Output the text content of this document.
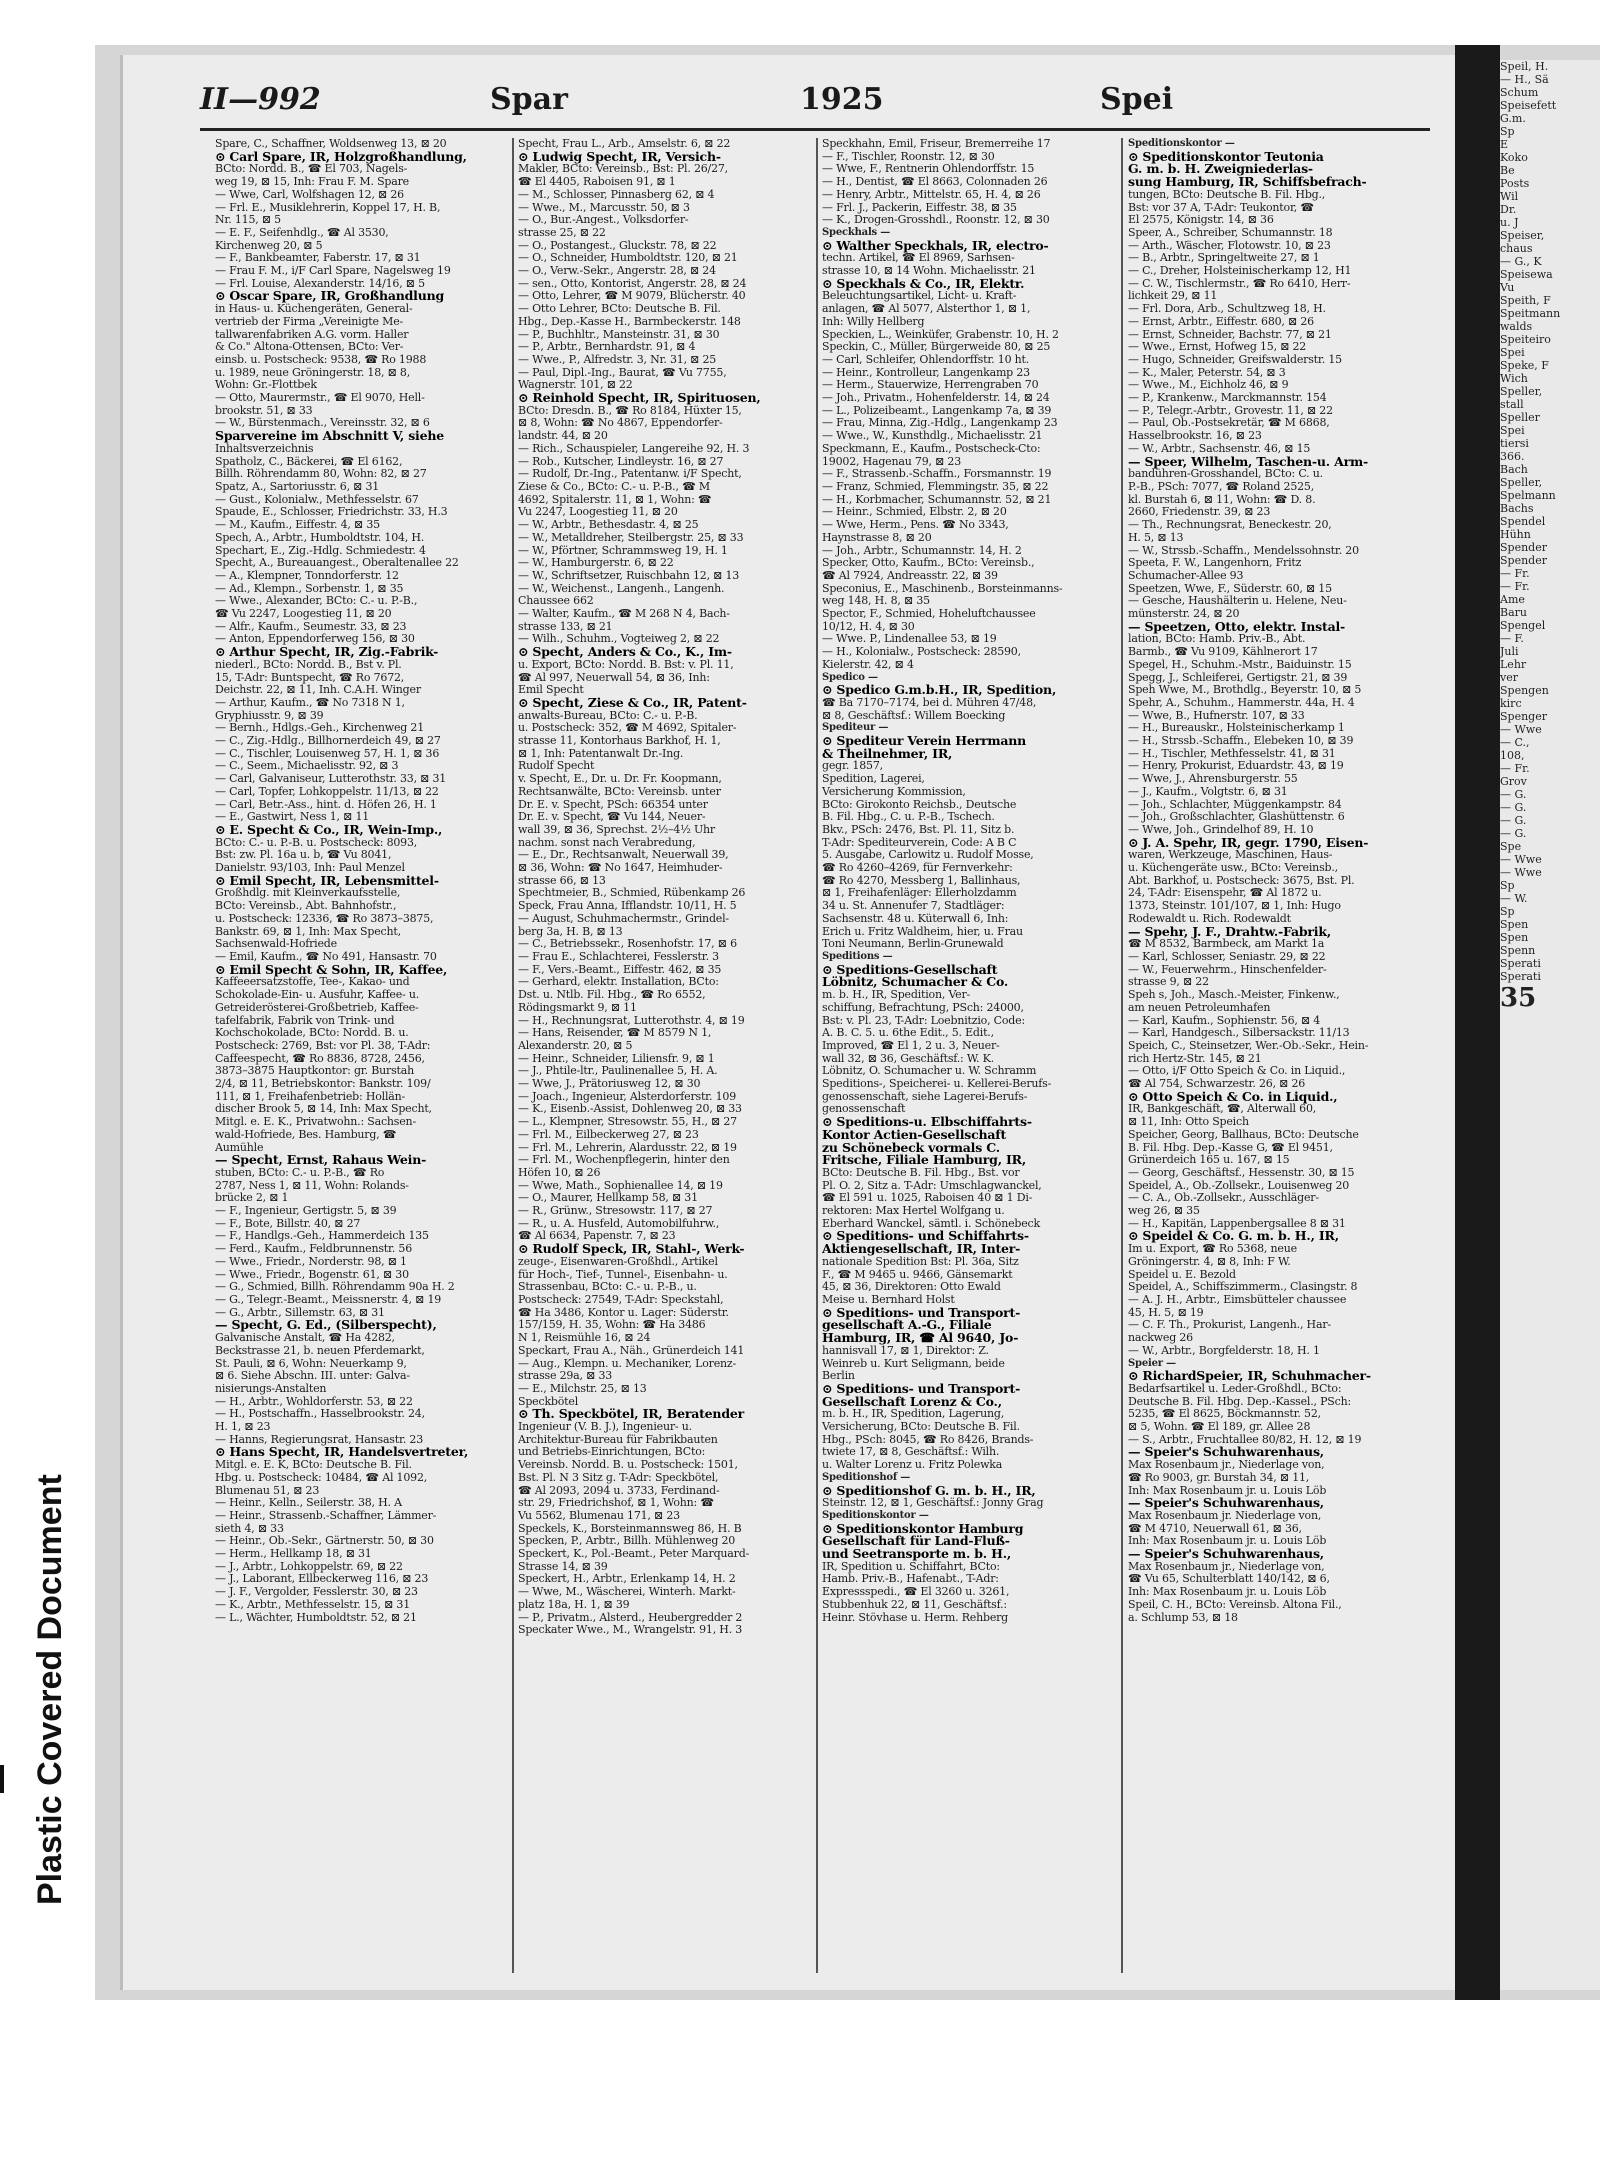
Plastic Covered Document
Speil, H.
— H., Sä
Schum
Speisefett
G.m.
Sp
E
Koko
Be
Posts
Wil
Dr.
u. J
Speiser,
chaus
— G., K
Speisewa
Vu
Speith, F
Speitmann
walds
Speiteiro
Spei
Speke, F
Wich
Speller,
stall
Speller
Spei
tiersi
366.
Bach
Speller,
Spelmann
Bachs
Spendel
Hühn
Spender
Spender
— Fr.
— Fr.
Ame
Baru
Spengel
— F.
Juli
Lehr
ver
Spengen
kirc
Spenger
— Wwe
— C.,
108,
— Fr.
Grov
— G.
— G.
— G.
— G.
Spe
— Wwe
— Wwe
Sp
— W.
Sp
Spen
Spen
Spenn
Sperati
Sperati
35
II—992	Spar	1925	Spei

Spare, C., Schaffner, Woldsenweg 13, ⊠ 20

⊙ Carl Spare, IR, Holzgroßhandlung,

BCto: Nordd. B., ☎ El 703, Nagels-

weg 19, ⊠ 15, Inh: Frau F. M. Spare

— Wwe, Carl, Wolfshagen 12, ⊠ 26

— Frl. E., Musiklehrerin, Koppel 17, H. B,

Nr. 115, ⊠ 5

— E. F., Seifenhdlg., ☎ Al 3530,

Kirchenweg 20, ⊠ 5

— F., Bankbeamter, Faberstr. 17, ⊠ 31

— Frau F. M., i/F Carl Spare, Nagelsweg 19

— Frl. Louise, Alexanderstr. 14/16, ⊠ 5

⊙ Oscar Spare, IR, Großhandlung

in Haus- u. Küchengeräten, General-

vertrieb der Firma „Vereinigte Me-

tallwarenfabriken A.G. vorm. Haller

& Co." Altona-Ottensen, BCto: Ver-

einsb. u. Postscheck: 9538, ☎ Ro 1988

u. 1989, neue Gröningerstr. 18, ⊠ 8,

Wohn: Gr.-Flottbek

— Otto, Maurermstr., ☎ El 9070, Hell-

brookstr. 51, ⊠ 33

— W., Bürstenmach., Vereinsstr. 32, ⊠ 6

Sparvereine im Abschnitt V, siehe

Inhaltsverzeichnis

Spatholz, C., Bäckerei, ☎ El 6162,

Billh. Röhrendamm 80, Wohn: 82, ⊠ 27

Spatz, A., Sartoriusstr. 6, ⊠ 31

— Gust., Kolonialw., Methfesselstr. 67

Spaude, E., Schlosser, Friedrichstr. 33, H.3

— M., Kaufm., Eiffestr. 4, ⊠ 35

Spech, A., Arbtr., Humboldtstr. 104, H.

Spechart, E., Zig.-Hdlg. Schmiedestr. 4

Specht, A., Bureauangest., Oberaltenallee 22

— A., Klempner, Tonndorferstr. 12

— Ad., Klempn., Sorbenstr. 1, ⊠ 35

— Wwe., Alexander, BCto: C.- u. P.-B.,

☎ Vu 2247, Loogestieg 11, ⊠ 20

— Alfr., Kaufm., Seumestr. 33, ⊠ 23

— Anton, Eppendorferweg 156, ⊠ 30

⊙ Arthur Specht, IR, Zig.-Fabrik-

niederl., BCto: Nordd. B., Bst v. Pl.

15, T-Adr: Buntspecht, ☎ Ro 7672,

Deichstr. 22, ⊠ 11, Inh. C.A.H. Winger

— Arthur, Kaufm., ☎ No 7318 N 1,

Gryphiusstr. 9, ⊠ 39

— Bernh., Hdlgs.-Geh., Kirchenweg 21

— C., Zig.-Hdlg., Billhornerdeich 49, ⊠ 27

— C., Tischler, Louisenweg 57, H. 1, ⊠ 36

— C., Seem., Michaelisstr. 92, ⊠ 3

— Carl, Galvaniseur, Lutterothstr. 33, ⊠ 31

— Carl, Topfer, Lohkoppelstr. 11/13, ⊠ 22

— Carl, Betr.-Ass., hint. d. Höfen 26, H. 1

— E., Gastwirt, Ness 1, ⊠ 11

⊙ E. Specht & Co., IR, Wein-Imp.,

BCto: C.- u. P.-B. u. Postscheck: 8093,

Bst: zw. Pl. 16a u. b, ☎ Vu 8041,

Danielstr. 93/103, Inh: Paul Menzel

⊙ Emil Specht, IR, Lebensmittel-

Großhdlg. mit Kleinverkaufsstelle,

BCto: Vereinsb., Abt. Bahnhofstr.,

u. Postscheck: 12336, ☎ Ro 3873–3875,

Bankstr. 69, ⊠ 1, Inh: Max Specht,

Sachsenwald-Hofriede

— Emil, Kaufm., ☎ No 491, Hansastr. 70

⊙ Emil Specht & Sohn, IR, Kaffee,

Kaffeeersatzstoffe, Tee-, Kakao- und

Schokolade-Ein- u. Ausfuhr, Kaffee- u.

Getreideröstereі-Großbetrieb, Kaffee-

tafelfabrik, Fabrik von Trink- und

Kochschokolade, BCto: Nordd. B. u.

Postscheck: 2769, Bst: vor Pl. 38, T-Adr:

Caffeespecht, ☎ Ro 8836, 8728, 2456,

3873–3875 Hauptkontor: gr. Burstah

2/4, ⊠ 11, Betriebskontor: Bankstr. 109/

111, ⊠ 1, Freihafenbetrieb: Hollän-

discher Brook 5, ⊠ 14, Inh: Max Specht,

Mitgl. e. E. K., Privatwohn.: Sachsen-

wald-Hofriede, Bes. Hamburg, ☎

Aumühle

— Specht, Ernst, Rahaus Wein-

stuben, BCto: C.- u. P.-B., ☎ Ro

2787, Ness 1, ⊠ 11, Wohn: Rolands-

brücke 2, ⊠ 1

— F., Ingenieur, Gertigstr. 5, ⊠ 39

— F., Bote, Billstr. 40, ⊠ 27

— F., Handlgs.-Geh., Hammerdeich 135

— Ferd., Kaufm., Feldbrunnenstr. 56

— Wwe., Friedr., Norderstr. 98, ⊠ 1

— Wwe., Friedr., Bogenstr. 61, ⊠ 30

— G., Schmied, Billh. Röhrendamm 90a H. 2

— G., Telegr.-Beamt., Meissnerstr. 4, ⊠ 19

— G., Arbtr., Sillemstr. 63, ⊠ 31

— Specht, G. Ed., (Silberspecht),

Galvanische Anstalt, ☎ Ha 4282,

Beckstrasse 21, b. neuen Pferdemarkt,

St. Pauli, ⊠ 6, Wohn: Neuerkamp 9,

⊠ 6. Siehe Abschn. III. unter: Galva-

nisierungs-Anstalten

— H., Arbtr., Wohldorferstr. 53, ⊠ 22

— H., Postschaffn., Hasselbrookstr. 24,

H. 1, ⊠ 23

— Hanns, Regierungsrat, Hansastr. 23

⊙ Hans Specht, IR, Handelsvertreter,

Mitgl. e. E. K, BCto: Deutsche B. Fil.

Hbg. u. Postscheck: 10484, ☎ Al 1092,

Blumenau 51, ⊠ 23

— Heinr., Kelln., Seilerstr. 38, H. A

— Heinr., Strassenb.-Schaffner, Lämmer-

sieth 4, ⊠ 33

— Heinr., Ob.-Sekr., Gärtnerstr. 50, ⊠ 30

— Herm., Hellkamp 18, ⊠ 31

— J., Arbtr., Lohkoppelstr. 69, ⊠ 22

— J., Laborant, Ellbeckerweg 116, ⊠ 23

— J. F., Vergolder, Fesslerstr. 30, ⊠ 23

— K., Arbtr., Methfesselstr. 15, ⊠ 31

— L., Wächter, Humboldtstr. 52, ⊠ 21

Specht, Frau L., Arb., Amselstr. 6, ⊠ 22

⊙ Ludwig Specht, IR, Versich-

Makler, BCto: Vereinsb., Bst: Pl. 26/27,

☎ El 4405, Raboisen 91, ⊠ 1

— M., Schlosser, Pinnasberg 62, ⊠ 4

— Wwe., M., Marcusstr. 50, ⊠ 3

— O., Bur.-Angest., Volksdorfer-

strasse 25, ⊠ 22

— O., Postangest., Gluckstr. 78, ⊠ 22

— O., Schneider, Humboldtstr. 120, ⊠ 21

— O., Verw.-Sekr., Angerstr. 28, ⊠ 24

— sen., Otto, Kontorist, Angerstr. 28, ⊠ 24

— Otto, Lehrer, ☎ M 9079, Blücherstr. 40

— Otto Lehrer, BCto: Deutsche B. Fil.

Hbg., Dep.-Kasse H., Barmbeckerstr. 148

— P., Buchhltr., Mansteinstr. 31, ⊠ 30

— P., Arbtr., Bernhardstr. 91, ⊠ 4

— Wwe., P., Alfredstr. 3, Nr. 31, ⊠ 25

— Paul, Dipl.-Ing., Baurat, ☎ Vu 7755,

Wagnerstr. 101, ⊠ 22

⊙ Reinhold Specht, IR, Spirituosen,

BCto: Dresdn. B., ☎ Ro 8184, Hüxter 15,

⊠ 8, Wohn: ☎ No 4867, Eppendorfer-

landstr. 44, ⊠ 20

— Rich., Schauspieler, Langereihe 92, H. 3

— Rob., Kutscher, Lindleystr. 16, ⊠ 27

— Rudolf, Dr.-Ing., Patentanw. i/F Specht,

Ziese & Co., BCto: C.- u. P.-B., ☎ M

4692, Spitalerstr. 11, ⊠ 1, Wohn: ☎

Vu 2247, Loogestieg 11, ⊠ 20

— W., Arbtr., Bethesdastr. 4, ⊠ 25

— W., Metalldreher, Steilbergstr. 25, ⊠ 33

— W., Pförtner, Schrammsweg 19, H. 1

— W., Hamburgerstr. 6, ⊠ 22

— W., Schriftsetzer, Ruischbahn 12, ⊠ 13

— W., Weichenst., Langenh., Langenh.

Chaussee 662

— Walter, Kaufm., ☎ M 268 N 4, Bach-

strasse 133, ⊠ 21

— Wilh., Schuhm., Vogteiweg 2, ⊠ 22

⊙ Specht, Anders & Co., K., Im-

u. Export, BCto: Nordd. B. Bst: v. Pl. 11,

☎ Al 997, Neuerwall 54, ⊠ 36, Inh:

Emil Specht

⊙ Specht, Ziese & Co., IR, Patent-

anwalts-Bureau, BCto: C.- u. P.-B.

u. Postscheck: 352, ☎ M 4692, Spitaler-

strasse 11, Kontorhaus Barkhof, H. 1,

⊠ 1, Inh: Patentanwalt Dr.-Ing.

Rudolf Specht

v. Specht, E., Dr. u. Dr. Fr. Koopmann,

Rechtsanwälte, BCto: Vereinsb. unter

Dr. E. v. Specht, PSch: 66354 unter

Dr. E. v. Specht, ☎ Vu 144, Neuer-

wall 39, ⊠ 36, Sprechst. 2½–4½ Uhr

nachm. sonst nach Verabredung,

— E., Dr., Rechtsanwalt, Neuerwall 39,

⊠ 36, Wohn: ☎ No 1647, Heimhuder-

strasse 66, ⊠ 13

Spechtmeier, B., Schmied, Rübenkamp 26

Speck, Frau Anna, Ifflandstr. 10/11, H. 5

— August, Schuhmachermstr., Grindel-

berg 3a, H. B, ⊠ 13

— C., Betriebssekr., Rosenhofstr. 17, ⊠ 6

— Frau E., Schlachterei, Fesslerstr. 3

— F., Vers.-Beamt., Eiffestr. 462, ⊠ 35

— Gerhard, elektr. Installation, BCto:

Dst. u. Ntlb. Fil. Hbg., ☎ Ro 6552,

Rödingsmarkt 9, ⊠ 11

— H., Rechnungsrat, Lutterothstr. 4, ⊠ 19

— Hans, Reisender, ☎ M 8579 N 1,

Alexanderstr. 20, ⊠ 5

— Heinr., Schneider, Liliensfr. 9, ⊠ 1

— J., Phtile-ltr., Paulinenallee 5, H. A.

— Wwe, J., Prätoriusweg 12, ⊠ 30

— Joach., Ingenieur, Alsterdorferstr. 109

— K., Eisenb.-Assist, Dohlenweg 20, ⊠ 33

— L., Klempner, Stresowstr. 55, H., ⊠ 27

— Frl. M., Eilbeckerweg 27, ⊠ 23

— Frl. M., Lehrerin, Alardusstr. 22, ⊠ 19

— Frl. M., Wochenpflegerin, hinter den

Höfen 10, ⊠ 26

— Wwe, Math., Sophienallee 14, ⊠ 19

— O., Maurer, Hellkamp 58, ⊠ 31

— R., Grünw., Stresowstr. 117, ⊠ 27

— R., u. A. Husfeld, Automobilfuhrw.,

☎ Al 6634, Papenstr. 7, ⊠ 23

⊙ Rudolf Speck, IR, Stahl-, Werk-

zeuge-, Eisenwaren-Großhdl., Artikel

für Hoch-, Tief-, Tunnel-, Eisenbahn- u.

Strassenbau, BCto: C.- u. P.-B., u.

Postscheck: 27549, T-Adr: Speckstahl,

☎ Ha 3486, Kontor u. Lager: Süderstr.

157/159, H. 35, Wohn: ☎ Ha 3486

N 1, Reismühle 16, ⊠ 24

Speckart, Frau A., Näh., Grünerdeich 141

— Aug., Klempn. u. Mechaniker, Lorenz-

strasse 29a, ⊠ 33

— E., Milchstr. 25, ⊠ 13

Speckbötel

⊙ Th. Speckbötel, IR, Beratender

Ingenieur (V. B. J.), Ingenieur- u.

Architektur-Bureau für Fabrikbauten

und Betriebs-Einrichtungen, BCto:

Vereinsb. Nordd. B. u. Postscheck: 1501,

Bst. Pl. N 3 Sitz g. T-Adr: Speckbötel,

☎ Al 2093, 2094 u. 3733, Ferdinand-

str. 29, Friedrichshof, ⊠ 1, Wohn: ☎

Vu 5562, Blumenau 171, ⊠ 23

Speckels, K., Borsteinmannsweg 86, H. B

Specken, P., Arbtr., Billh. Mühlenweg 20

Speckert, K., Pol.-Beamt., Peter Marquard-

Strasse 14, ⊠ 39

Speckert, H., Arbtr., Erlenkamp 14, H. 2

— Wwe, M., Wäscherei, Winterh. Markt-

platz 18a, H. 1, ⊠ 39

— P., Privatm., Alsterd., Heubergredder 2

Speckater Wwe., M., Wrangelstr. 91, H. 3

Speckhahn, Emil, Friseur, Bremerreihe 17

— F., Tischler, Roonstr. 12, ⊠ 30

— Wwe, F., Rentnerin Ohlendorffstr. 15

— H., Dentist, ☎ El 8663, Colonnaden 26

— Henry, Arbtr., Mittelstr. 65, H. 4, ⊠ 26

— Frl. J., Packerin, Eiffestr. 38, ⊠ 35

— K., Drogen-Grosshdl., Roonstr. 12, ⊠ 30

Speckhals —

⊙ Walther Speckhals, IR, electro-

techn. Artikel, ☎ El 8969, Sarhsen-

strasse 10, ⊠ 14 Wohn. Michaelisstr. 21

⊙ Speckhals & Co., IR, Elektr.

Beleuchtungsartikel, Licht- u. Kraft-

anlagen, ☎ Al 5077, Alsterthor 1, ⊠ 1,

Inh: Willy Hellberg

Speckien, L., Weinküfer, Grabenstr. 10, H. 2

Speckin, C., Müller, Bürgerweide 80, ⊠ 25

— Carl, Schleifer, Ohlendorffstr. 10 ht.

— Heinr., Kontrolleur, Langenkamp 23

— Herm., Stauerwize, Herrengraben 70

— Joh., Privatm., Hohenfelderstr. 14, ⊠ 24

— L., Polizeibeamt., Langenkamp 7a, ⊠ 39

— Frau, Minna, Zig.-Hdlg., Langenkamp 23

— Wwe., W., Kunsthdlg., Michaelisstr. 21

Speckmann, E., Kaufm., Postscheck-Cto:

19002, Hagenau 79, ⊠ 23

— F., Strassenb.-Schaffn., Forsmannstr. 19

— Franz, Schmied, Flemmingstr. 35, ⊠ 22

— H., Korbmacher, Schumannstr. 52, ⊠ 21

— Heinr., Schmied, Elbstr. 2, ⊠ 20

— Wwe, Herm., Pens. ☎ No 3343,

Haynstrasse 8, ⊠ 20

— Joh., Arbtr., Schumannstr. 14, H. 2

Specker, Otto, Kaufm., BCto: Vereinsb.,

☎ Al 7924, Andreasstr. 22, ⊠ 39

Speconius, E., Maschinenb., Borsteinmanns-

weg 148, H. 8, ⊠ 35

Spector, F., Schmied, Hoheluftchaussee

10/12, H. 4, ⊠ 30

— Wwe. P., Lindenallee 53, ⊠ 19

— H., Kolonialw., Postscheck: 28590,

Kielerstr. 42, ⊠ 4

Spedico —

⊙ Spedico G.m.b.H., IR, Spedition,

☎ Ba 7170–7174, bei d. Mühren 47/48,

⊠ 8, Geschäftsf.: Willem Boecking

Spediteur —

⊙ Spediteur Verein Herrmann

& Theilnehmer, IR,

gegr. 1857,

Spedition, Lagerei,

Versicherung Kommission,

BCto: Girokonto Reichsb., Deutsche

B. Fil. Hbg., C. u. P.-B., Tschech.

Bkv., PSch: 2476, Bst. Pl. 11, Sitz b.

T-Adr: Spediteurverein, Code: A B C

5. Ausgabe, Carlowitz u. Rudolf Mosse,

☎ Ro 4260–4269, für Fernverkehr:

☎ Ro 4270, Messberg 1, Ballinhaus,

⊠ 1, Freihafenläger: Ellerholzdamm

34 u. St. Annenufer 7, Stadtläger:

Sachsenstr. 48 u. Küterwall 6, Inh:

Erich u. Fritz Waldheim, hier, u. Frau

Toni Neumann, Berlin-Grunewald

Speditions —

⊙ Speditions-Gesellschaft

Löbnitz, Schumacher & Co.

m. b. H., IR, Spedition, Ver-

schiffung, Befrachtung, PSch: 24000,

Bst: v. Pl. 23, T-Adr: Loebnitzio, Code:

A. B. C. 5. u. 6the Edit., 5. Edit.,

Improved, ☎ El 1, 2 u. 3, Neuer-

wall 32, ⊠ 36, Geschäftsf.: W. K.

Löbnitz, O. Schumacher u. W. Schramm

Speditions-, Speicherei- u. Kellerei-Berufs-

genossenschaft, siehe Lagerei-Berufs-

genossenschaft

⊙ Speditions-u. Elbschiffahrts-

Kontor Actien-Gesellschaft

zu Schönebeck vormals C.

Fritsche, Filiale Hamburg, IR,

BCto: Deutsche B. Fil. Hbg., Bst. vor

Pl. O. 2, Sitz a. T-Adr: Umschlagwanckel,

☎ El 591 u. 1025, Raboisen 40 ⊠ 1 Di-

rektoren: Max Hertel Wolfgang u.

Eberhard Wanckel, sämtl. i. Schönebeck

⊙ Speditions- und Schiffahrts-

Aktiengesellschaft, IR, Inter-

nationale Spedition Bst: Pl. 36a, Sitz

F., ☎ M 9465 u. 9466, Gänsemarkt

45, ⊠ 36, Direktoren: Otto Ewald

Meise u. Bernhard Holst

⊙ Speditions- und Transport-

gesellschaft A.-G., Filiale

Hamburg, IR, ☎ Al 9640, Jo-

hannisvall 17, ⊠ 1, Direktor: Z.

Weinreb u. Kurt Seligmann, beide

Berlin

⊙ Speditions- und Transport-

Gesellschaft Lorenz & Co.,

m. b. H., IR, Spedition, Lagerung,

Versicherung, BCto: Deutsche B. Fil.

Hbg., PSch: 8045, ☎ Ro 8426, Brands-

twiete 17, ⊠ 8, Geschäftsf.: Wilh.

u. Walter Lorenz u. Fritz Polewka

Speditionshof —

⊙ Speditionshof G. m. b. H., IR,

Steinstr. 12, ⊠ 1, Geschäftsf.: Jonny Grag

Speditionskontor —

⊙ Speditionskontor Hamburg

Gesellschaft für Land-Fluß-

und Seetransporte m. b. H.,

IR, Spedition u. Schiffahrt, BCto:

Hamb. Priv.-B., Hafenabt., T-Adr:

Expressspedi., ☎ El 3260 u. 3261,

Stubbenhuk 22, ⊠ 11, Geschäftsf.:

Heinr. Stövhase u. Herm. Rehberg

Speditionskontor —

⊙ Speditionskontor Teutonia

G. m. b. H. Zweigniederlas-

sung Hamburg, IR, Schiffsbefrach-

tungen, BCto: Deutsche B. Fil. Hbg.,

Bst: vor 37 A, T-Adr: Teukontor, ☎

El 2575, Königstr. 14, ⊠ 36

Speer, A., Schreiber, Schumannstr. 18

— Arth., Wäscher, Flotowstr. 10, ⊠ 23

— B., Arbtr., Springeltweite 27, ⊠ 1

— C., Dreher, Holsteinischerkamp 12, H1

— C. W., Tischlermstr., ☎ Ro 6410, Herr-

lichkeit 29, ⊠ 11

— Frl. Dora, Arb., Schultzweg 18, H.

— Ernst, Arbtr., Eiffestr. 680, ⊠ 26

— Ernst, Schneider, Bachstr. 77, ⊠ 21

— Wwe., Ernst, Hofweg 15, ⊠ 22

— Hugo, Schneider, Greifswalderstr. 15

— K., Maler, Peterstr. 54, ⊠ 3

— Wwe., M., Eichholz 46, ⊠ 9

— P., Krankenw., Marckmannstr. 154

— P., Telegr.-Arbtr., Grovestr. 11, ⊠ 22

— Paul, Ob.-Postsekretär, ☎ M 6868,

Hasselbrookstr. 16, ⊠ 23

— W., Arbtr., Sachsenstr. 46, ⊠ 15

— Speer, Wilhelm, Taschen-u. Arm-

bandühren-Grosshandel, BCto: C. u.

P.-B., PSch: 7077, ☎ Roland 2525,

kl. Burstah 6, ⊠ 11, Wohn: ☎ D. 8.

2660, Friedenstr. 39, ⊠ 23

— Th., Rechnungsrat, Beneckestr. 20,

H. 5, ⊠ 13

— W., Strssb.-Schaffn., Mendelssohnstr. 20

Speeta, F. W., Langenhorn, Fritz

Schumacher-Allee 93

Speetzen, Wwe, F., Süderstr. 60, ⊠ 15

— Gesche, Haushälterin u. Helene, Neu-

münsterstr. 24, ⊠ 20

— Speetzen, Otto, elektr. Instal-

lation, BCto: Hamb. Priv.-B., Abt.

Barmb., ☎ Vu 9109, Kählnerort 17

Spegel, H., Schuhm.-Mstr., Baiduinstr. 15

Spegg, J., Schleiferei, Gertigstr. 21, ⊠ 39

Speh Wwe, M., Brothdlg., Beyerstr. 10, ⊠ 5

Spehr, A., Schuhm., Hammerstr. 44a, H. 4

— Wwe, B., Hufnerstr. 107, ⊠ 33

— H., Bureauskr., Holsteinischerkamp 1

— H., Strssb.-Schaffn., Elebeken 10, ⊠ 39

— H., Tischler, Methfesselstr. 41, ⊠ 31

— Henry, Prokurist, Eduardstr. 43, ⊠ 19

— Wwe, J., Ahrensburgerstr. 55

— J., Kaufm., Volgtstr. 6, ⊠ 31

— Joh., Schlachter, Müggenkampstr. 84

— Joh., Großschlachter, Glashüttenstr. 6

— Wwe, Joh., Grindelhof 89, H. 10

⊙ J. A. Spehr, IR, gegr. 1790, Eisen-

waren, Werkzeuge, Maschinen, Haus-

u. Küchengeräte usw., BCto: Vereinsb.,

Abt. Barkhof, u. Postscheck: 3675, Bst. Pl.

24, T-Adr: Eisenspehr, ☎ Al 1872 u.

1373, Steinstr. 101/107, ⊠ 1, Inh: Hugo

Rodewaldt u. Rich. Rodewaldt

— Spehr, J. F., Drahtw.-Fabrik,

☎ M 8532, Barmbeck, am Markt 1a

— Karl, Schlosser, Seniastr. 29, ⊠ 22

— W., Feuerwehrm., Hinschenfelder-

strasse 9, ⊠ 22

Speh s, Joh., Masch.-Meister, Finkenw.,

am neuen Petroleumhafen

— Karl, Kaufm., Sophienstr. 56, ⊠ 4

— Karl, Handgesch., Silbersackstr. 11/13

Speich, C., Steinsetzer, Wer.-Ob.-Sekr., Hein-

rich Hertz-Str. 145, ⊠ 21

— Otto, i/F Otto Speich & Co. in Liquid.,

☎ Al 754, Schwarzestr. 26, ⊠ 26

⊙ Otto Speich & Co. in Liquid.,

IR, Bankgeschäft, ☎, Alterwall 60,

⊠ 11, Inh: Otto Speich

Speicher, Georg, Ballhaus, BCto: Deutsche

B. Fil. Hbg. Dep.-Kasse G, ☎ El 9451,

Grünerdeich 165 u. 167, ⊠ 15

— Georg, Geschäftsf., Hessenstr. 30, ⊠ 15

Speidel, A., Ob.-Zollsekr., Louisenweg 20

— C. A., Ob.-Zollsekr., Ausschläger-

weg 26, ⊠ 35

— H., Kapitän, Lappenbergsallee 8 ⊠ 31

⊙ Speidel & Co. G. m. b. H., IR,

Im u. Export, ☎ Ro 5368, neue

Gröningerstr. 4, ⊠ 8, Inh: F W.

Speidel u. E. Bezold

Speidel, A., Schiffszimmerm., Clasingstr. 8

— A. J. H., Arbtr., Eimsbütteler chaussee

45, H. 5, ⊠ 19

— C. F. Th., Prokurist, Langenh., Har-

nackweg 26

— W., Arbtr., Borgfelderstr. 18, H. 1

Speier —

⊙ RichardSpeier, IR, Schuhmacher-

Bedarfsartikel u. Leder-Großhdl., BCto:

Deutsche B. Fil. Hbg. Dep.-Kassel., PSch:

5235, ☎ El 8625, Böckmannstr. 52,

⊠ 5, Wohn. ☎ El 189, gr. Allee 28

— S., Arbtr., Fruchtallee 80/82, H. 12, ⊠ 19

— Speier's Schuhwarenhaus,

Max Rosenbaum jr., Niederlage von,

☎ Ro 9003, gr. Burstah 34, ⊠ 11,

Inh: Max Rosenbaum jr. u. Louis Löb

— Speier's Schuhwarenhaus,

Max Rosenbaum jr. Niederlage von,

☎ M 4710, Neuerwall 61, ⊠ 36,

Inh: Max Rosenbaum jr. u. Louis Löb

— Speier's Schuhwarenhaus,

Max Rosenbaum jr., Niederlage von,

☎ Vu 65, Schulterblatt 140/142, ⊠ 6,

Inh: Max Rosenbaum jr. u. Louis Löb

Speil, C. H., BCto: Vereinsb. Altona Fil.,

a. Schlump 53, ⊠ 18
